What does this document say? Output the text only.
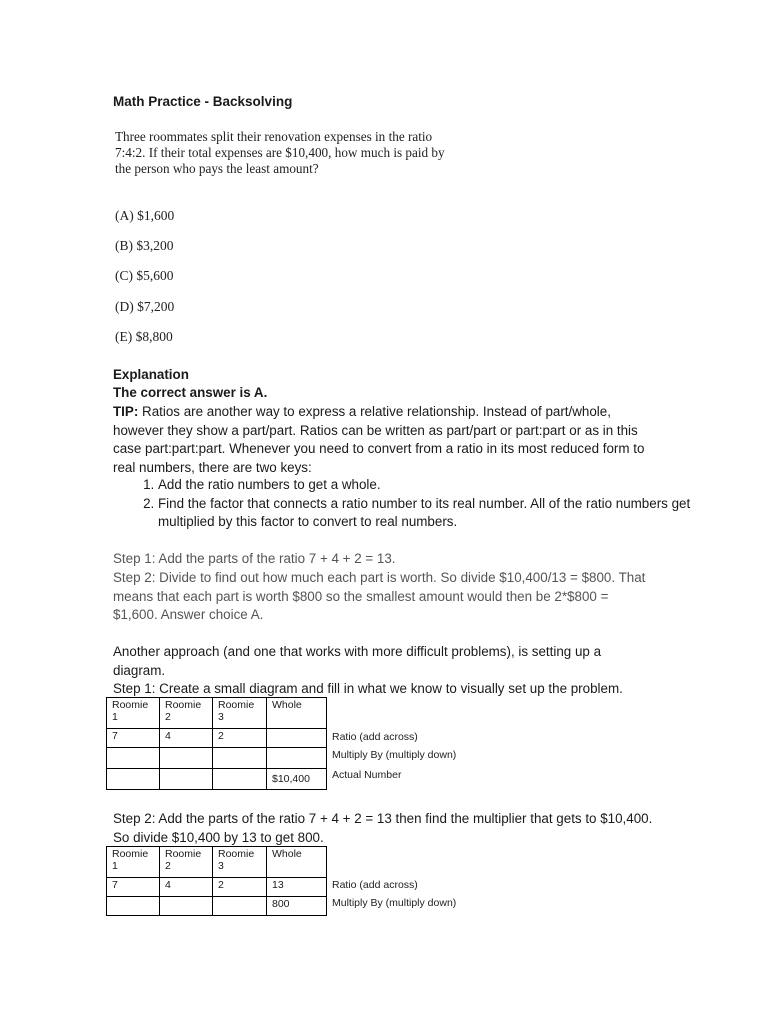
Math Practice - Backsolving
Three roommates split their renovation expenses in the ratio 7:4:2. If their total expenses are $10,400, how much is paid by the person who pays the least amount?
(A) $1,600
(B) $3,200
(C) $5,600
(D) $7,200
(E) $8,800
Explanation
The correct answer is A.
TIP: Ratios are another way to express a relative relationship. Instead of part/whole, however they show a part/part. Ratios can be written as part/part or part:part or as in this case part:part:part. Whenever you need to convert from a ratio in its most reduced form to real numbers, there are two keys:
1. Add the ratio numbers to get a whole.
2. Find the factor that connects a ratio number to its real number. All of the ratio numbers get multiplied by this factor to convert to real numbers.
Step 1: Add the parts of the ratio 7 + 4 + 2 = 13.
Step 2: Divide to find out how much each part is worth. So divide $10,400/13 = $800. That means that each part is worth $800 so the smallest amount would then be 2*$800 = $1,600. Answer choice A.
Another approach (and one that works with more difficult problems), is setting up a diagram.
Step 1: Create a small diagram and fill in what we know to visually set up the problem.
Roomie 1	Roomie 2	Roomie 3	Whole
7	4	2	

			$10,400
Ratio (add across)
Multiply By (multiply down)
Actual Number
Step 2: Add the parts of the ratio 7 + 4 + 2 = 13 then find the multiplier that gets to $10,400. So divide $10,400 by 13 to get 800.
Roomie 1	Roomie 2	Roomie 3	Whole
7	4	2	13
			800
Ratio (add across)
Multiply By (multiply down)
